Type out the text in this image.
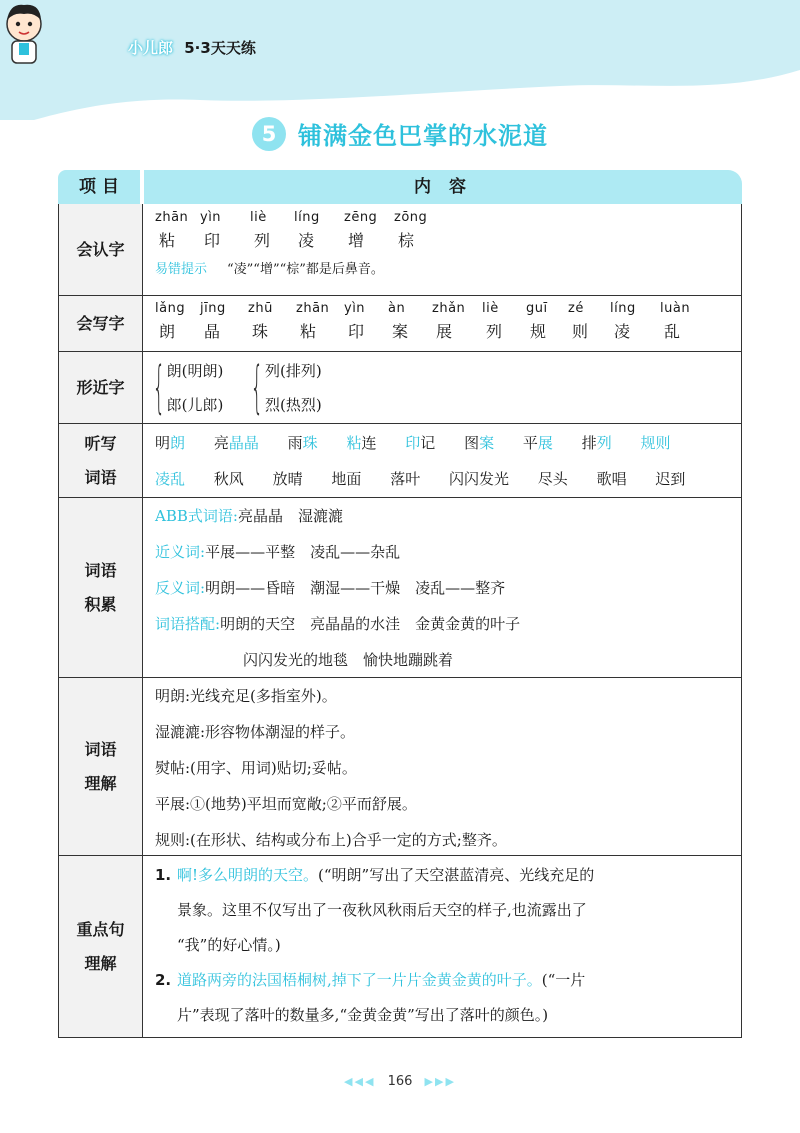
小儿郎 5·3天天练
5 铺满金色巴掌的水泥道
项 目	内 容
会认字
zhān
粘
yìn
印
liè
列
líng
凌
zēng
增
zōng
棕
易错提示 “凌”“增”“棕”都是后鼻音。
会写字
lǎng
朗
jīng
晶
zhū
珠
zhān
粘
yìn
印
àn
案
zhǎn
展
liè
列
guī
规
zé
则
líng
凌
luàn
乱
形近字 { 朗(明朗)
郎(儿郎) { 列(排列)
烈(热烈)
听写
词语
明朗 亮晶晶 雨珠 粘连 印记 图案 平展 排列 规则
凌乱 秋风 放晴 地面 落叶 闪闪发光 尽头 歌唱 迟到
词语
积累
ABB式词语:亮晶晶　湿漉漉
近义词:平展——平整　凌乱——杂乱
反义词:明朗——昏暗　潮湿——干燥　凌乱——整齐
词语搭配:明朗的天空　亮晶晶的水洼　金黄金黄的叶子
闪闪发光的地毯　愉快地蹦跳着
词语
理解
明朗:光线充足(多指室外)。
湿漉漉:形容物体潮湿的样子。
熨帖:(用字、用词)贴切;妥帖。
平展:①(地势)平坦而宽敞;②平而舒展。
规则:(在形状、结构或分布上)合乎一定的方式;整齐。
重点句
理解
1. 啊!多么明朗的天空。(“明朗”写出了天空湛蓝清亮、光线充足的
景象。这里不仅写出了一夜秋风秋雨后天空的样子,也流露出了
“我”的好心情。)
2. 道路两旁的法国梧桐树,掉下了一片片金黄金黄的叶子。(“一片
片”表现了落叶的数量多,“金黄金黄”写出了落叶的颜色。)
◀◀◀ 166 ▶▶▶
